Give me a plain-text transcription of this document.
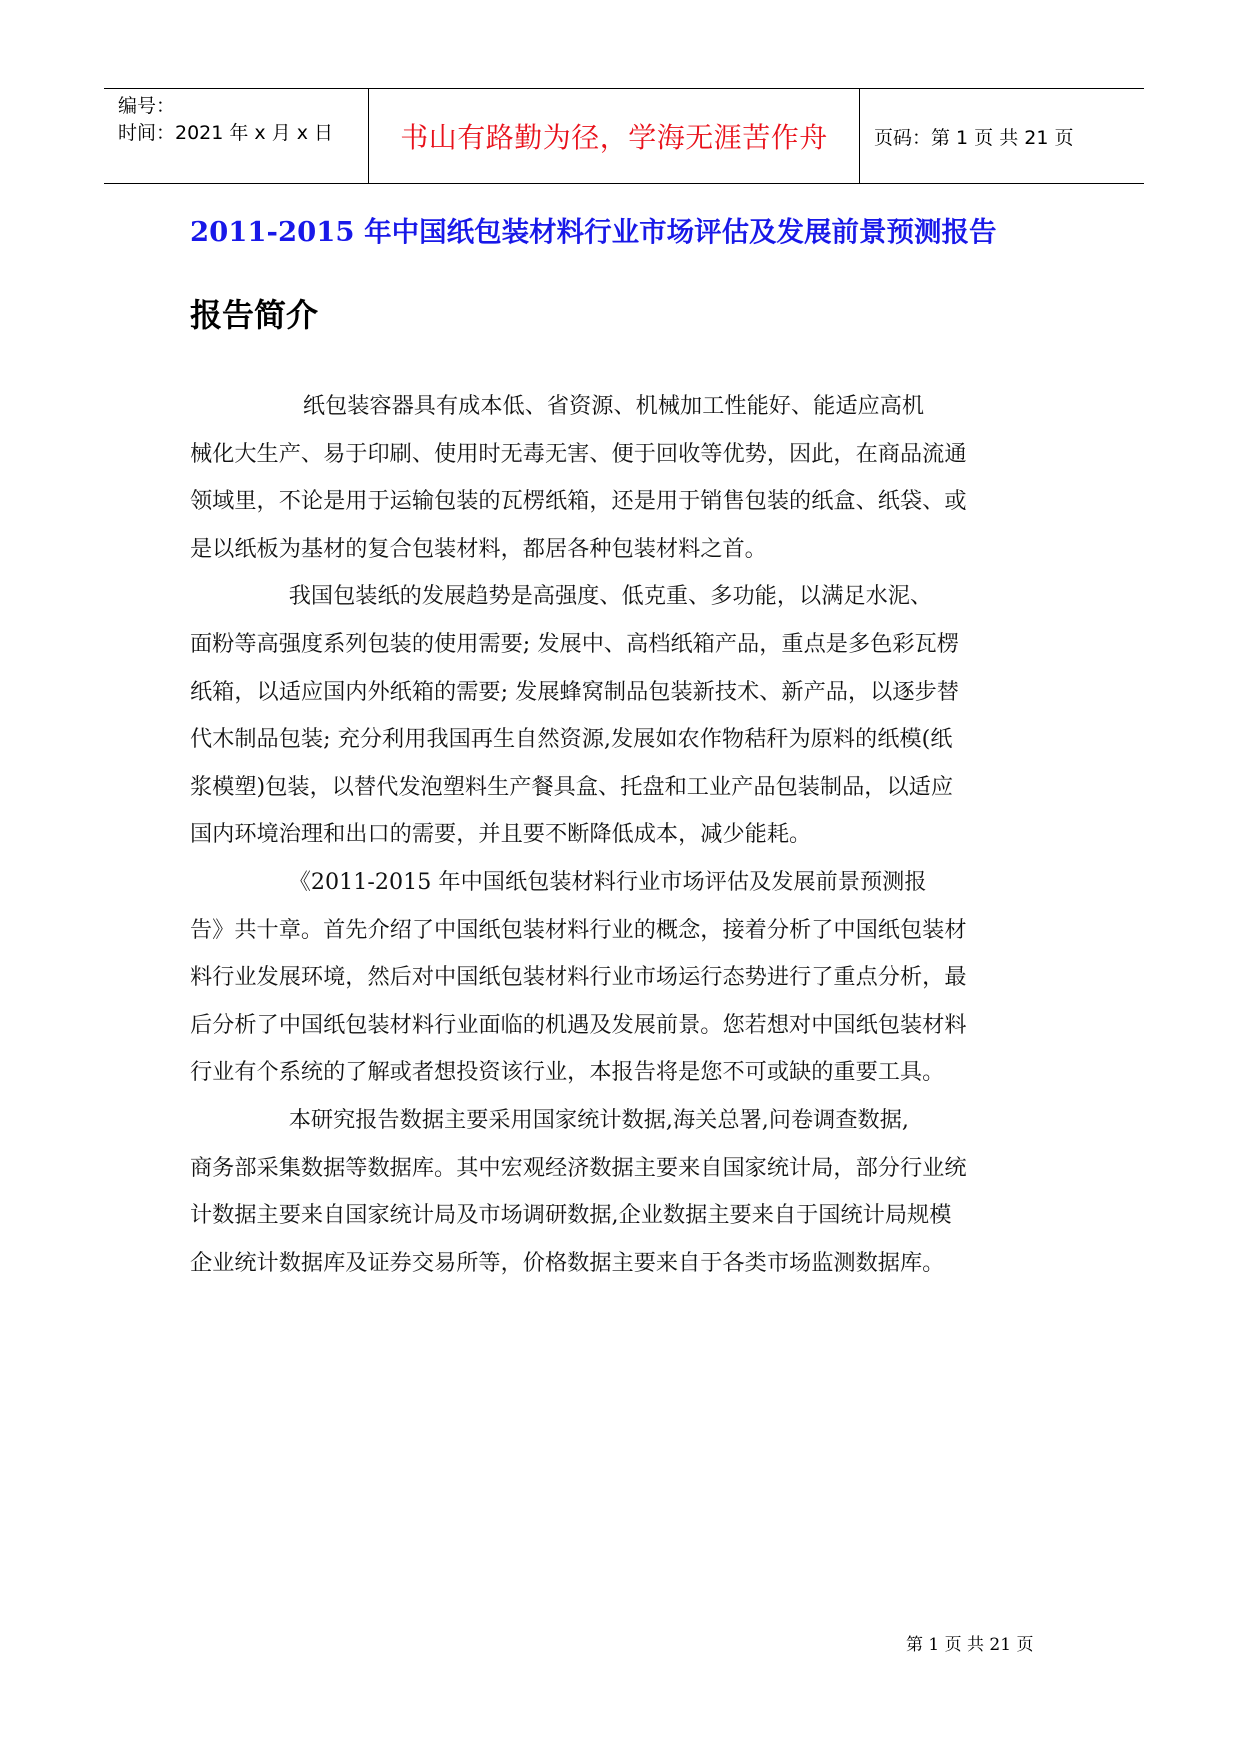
编号：
时间：2021 年 x 月 x 日	书山有路勤为径，学海无涯苦作舟 页码：第 1 页 共 21 页
2011-2015 年中国纸包装材料行业市场评估及发展前景预测报告
报告简介
纸包装容器具有成本低、省资源、机械加工性能好、能适应高机
械化大生产、易于印刷、使用时无毒无害、便于回收等优势，因此，在商品流通
领域里，不论是用于运输包装的瓦楞纸箱，还是用于销售包装的纸盒、纸袋、或
是以纸板为基材的复合包装材料，都居各种包装材料之首。
我国包装纸的发展趋势是高强度、低克重、多功能，以满足水泥、
面粉等高强度系列包装的使用需要; 发展中、高档纸箱产品，重点是多色彩瓦楞
纸箱，以适应国内外纸箱的需要; 发展蜂窝制品包装新技术、新产品，以逐步替
代木制品包装; 充分利用我国再生自然资源,发展如农作物秸秆为原料的纸模(纸
浆模塑)包装，以替代发泡塑料生产餐具盒、托盘和工业产品包装制品，以适应
国内环境治理和出口的需要，并且要不断降低成本，减少能耗。
《2011-2015 年中国纸包装材料行业市场评估及发展前景预测报
告》共十章。首先介绍了中国纸包装材料行业的概念，接着分析了中国纸包装材
料行业发展环境，然后对中国纸包装材料行业市场运行态势进行了重点分析，最
后分析了中国纸包装材料行业面临的机遇及发展前景。您若想对中国纸包装材料
行业有个系统的了解或者想投资该行业，本报告将是您不可或缺的重要工具。
本研究报告数据主要采用国家统计数据,海关总署,问卷调查数据,
商务部采集数据等数据库。其中宏观经济数据主要来自国家统计局，部分行业统
计数据主要来自国家统计局及市场调研数据,企业数据主要来自于国统计局规模
企业统计数据库及证券交易所等，价格数据主要来自于各类市场监测数据库。
第 1 页 共 21 页
